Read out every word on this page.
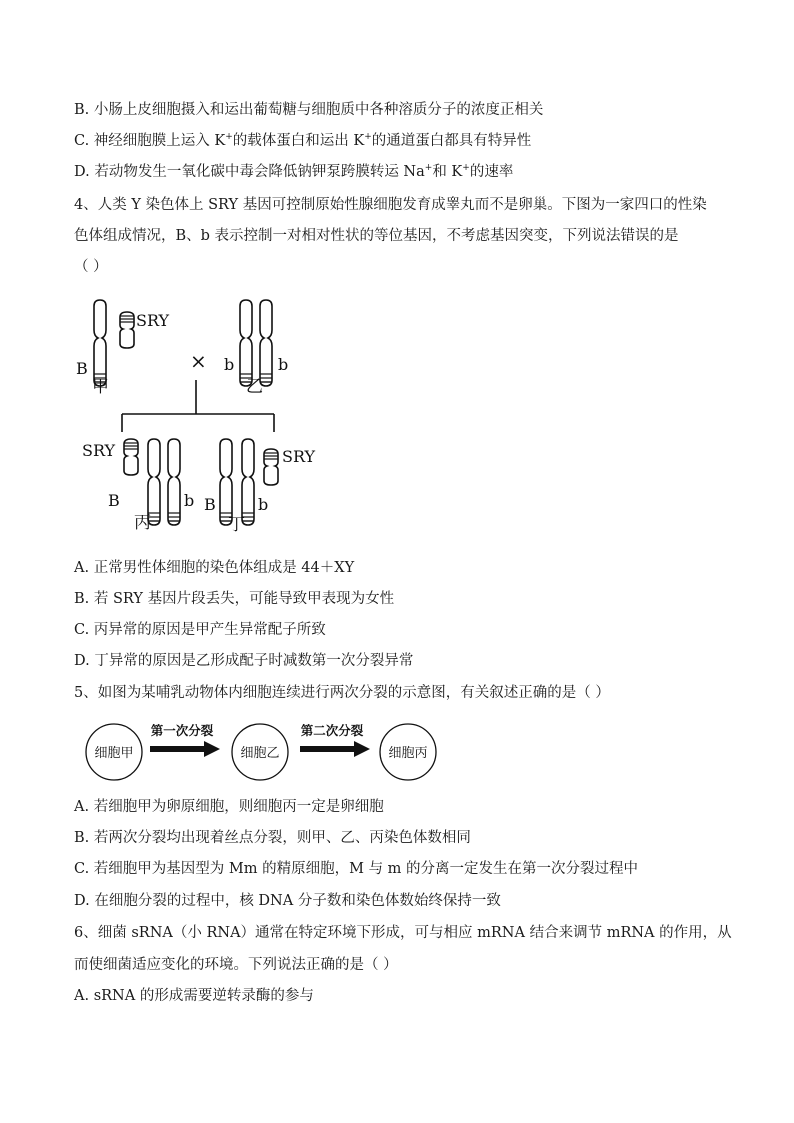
B. 小肠上皮细胞摄入和运出葡萄糖与细胞质中各种溶质分子的浓度正相关
C. 神经细胞膜上运入 K+的载体蛋白和运出 K+的通道蛋白都具有特异性
D. 若动物发生一氧化碳中毒会降低钠钾泵跨膜转运 Na+和 K+的速率
4、人类 Y 染色体上 SRY 基因可控制原始性腺细胞发育成睾丸而不是卵巢。下图为一家四口的性染
色体组成情况，B、b 表示控制一对相对性状的等位基因，不考虑基因突变，下列说法错误的是
（ ）
SRY
B
甲
× b	b
乙
SRY
B	b
丙
SRY
B	b
丁
A. 正常男性体细胞的染色体组成是 44＋XY
B. 若 SRY 基因片段丢失，可能导致甲表现为女性
C. 丙异常的原因是甲产生异常配子所致
D. 丁异常的原因是乙形成配子时减数第一次分裂异常
5、如图为某哺乳动物体内细胞连续进行两次分裂的示意图，有关叙述正确的是（ ）
细胞甲
第一次分裂
细胞乙
第二次分裂
细胞丙
A. 若细胞甲为卵原细胞，则细胞丙一定是卵细胞
B. 若两次分裂均出现着丝点分裂，则甲、乙、丙染色体数相同
C. 若细胞甲为基因型为 Mm 的精原细胞，M 与 m 的分离一定发生在第一次分裂过程中
D. 在细胞分裂的过程中，核 DNA 分子数和染色体数始终保持一致
6、细菌 sRNA（小 RNA）通常在特定环境下形成，可与相应 mRNA 结合来调节 mRNA 的作用，从
而使细菌适应变化的环境。下列说法正确的是（ ）
A. sRNA 的形成需要逆转录酶的参与
